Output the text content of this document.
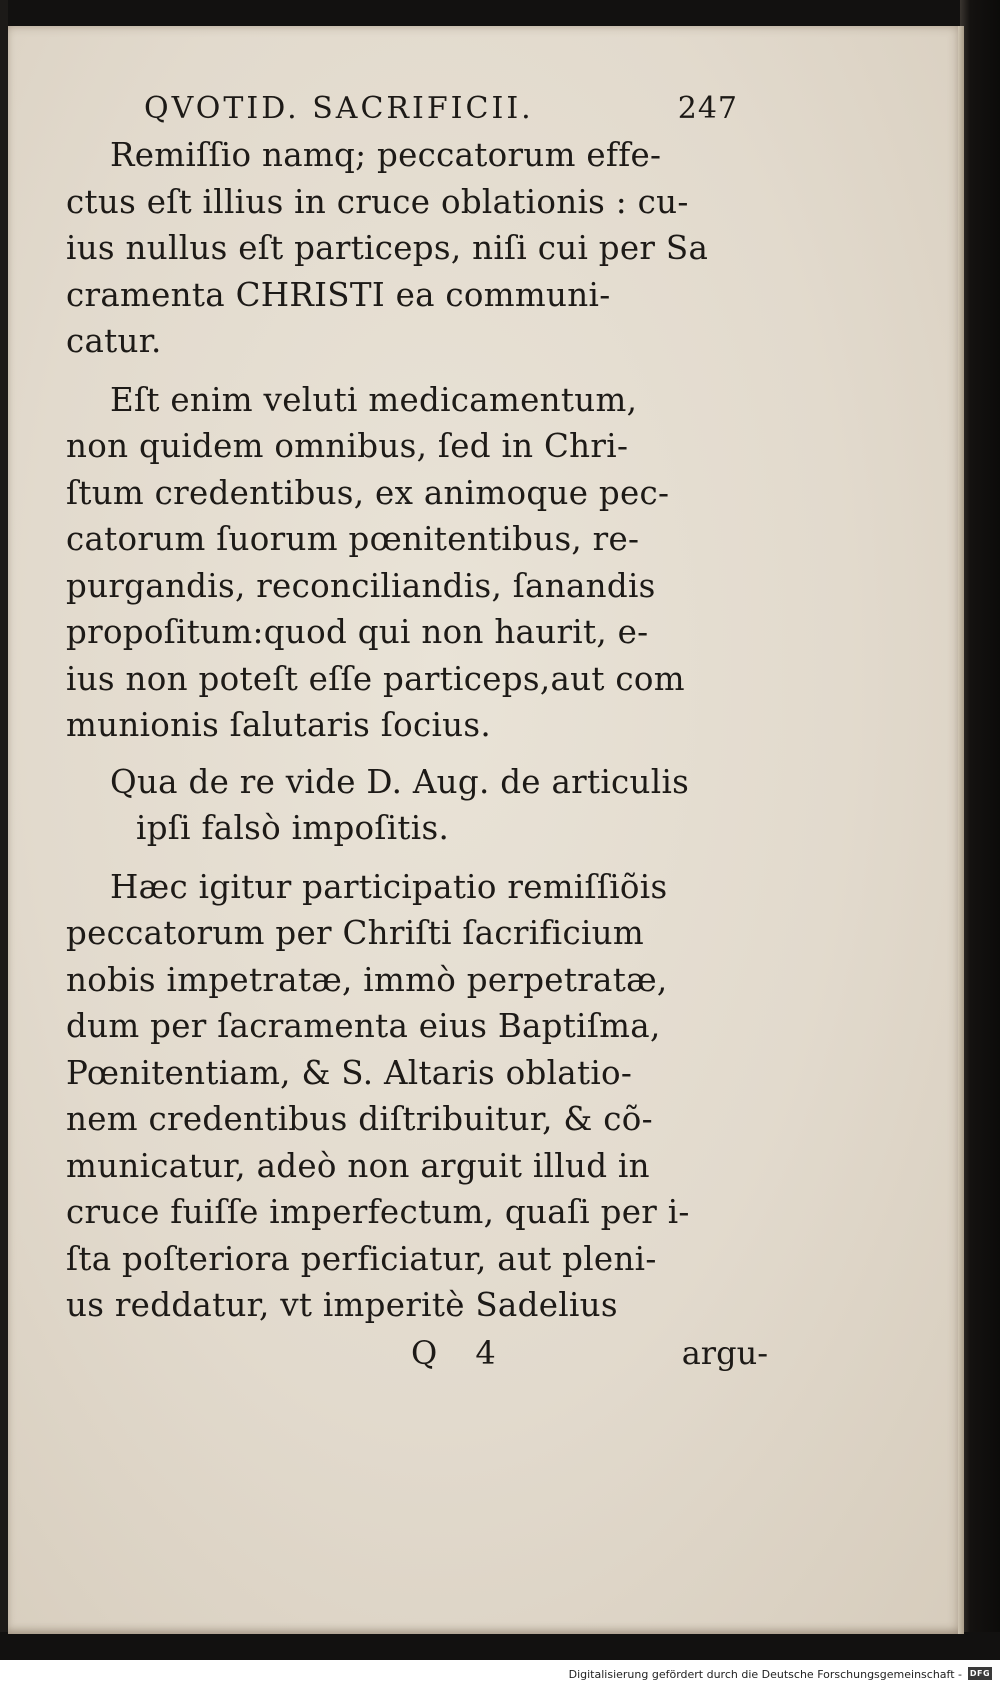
QVOTID. SACRIFICII.	247

Remiſſio namq; peccatorum effe-
ctus eſt illius in cruce oblationis : cu-
ius nullus eſt particeps, niſi cui per Sa
cramenta CHRISTI ea communi-
catur.

Eſt enim veluti medicamentum,
non quidem omnibus, ſed in Chri-
ſtum credentibus, ex animoque pec-
catorum ſuorum pœnitentibus, re-
purgandis, reconciliandis, ſanandis
propoſitum:quod qui non haurit, e-
ius non poteſt eſſe particeps,aut com
munionis ſalutaris ſocius.

Qua de re vide D. Aug. de articulis
ipſi falsò impoſitis.

Hæc igitur participatio remiſſiõis
peccatorum per Chriſti ſacrificium
nobis impetratæ, immò perpetratæ,
dum per ſacramenta eius Baptiſma,
Pœnitentiam, & S. Altaris oblatio-
nem credentibus diſtribuitur, & cõ-
municatur, adeò non arguit illud in
cruce fuiſſe imperfectum, quaſi per i-
ſta poſteriora perficiatur, aut pleni-
us reddatur, vt imperitè Sadelius

Q 4	argu-
Digitalisierung gefördert durch die Deutsche Forschungsgemeinschaft - DFG
